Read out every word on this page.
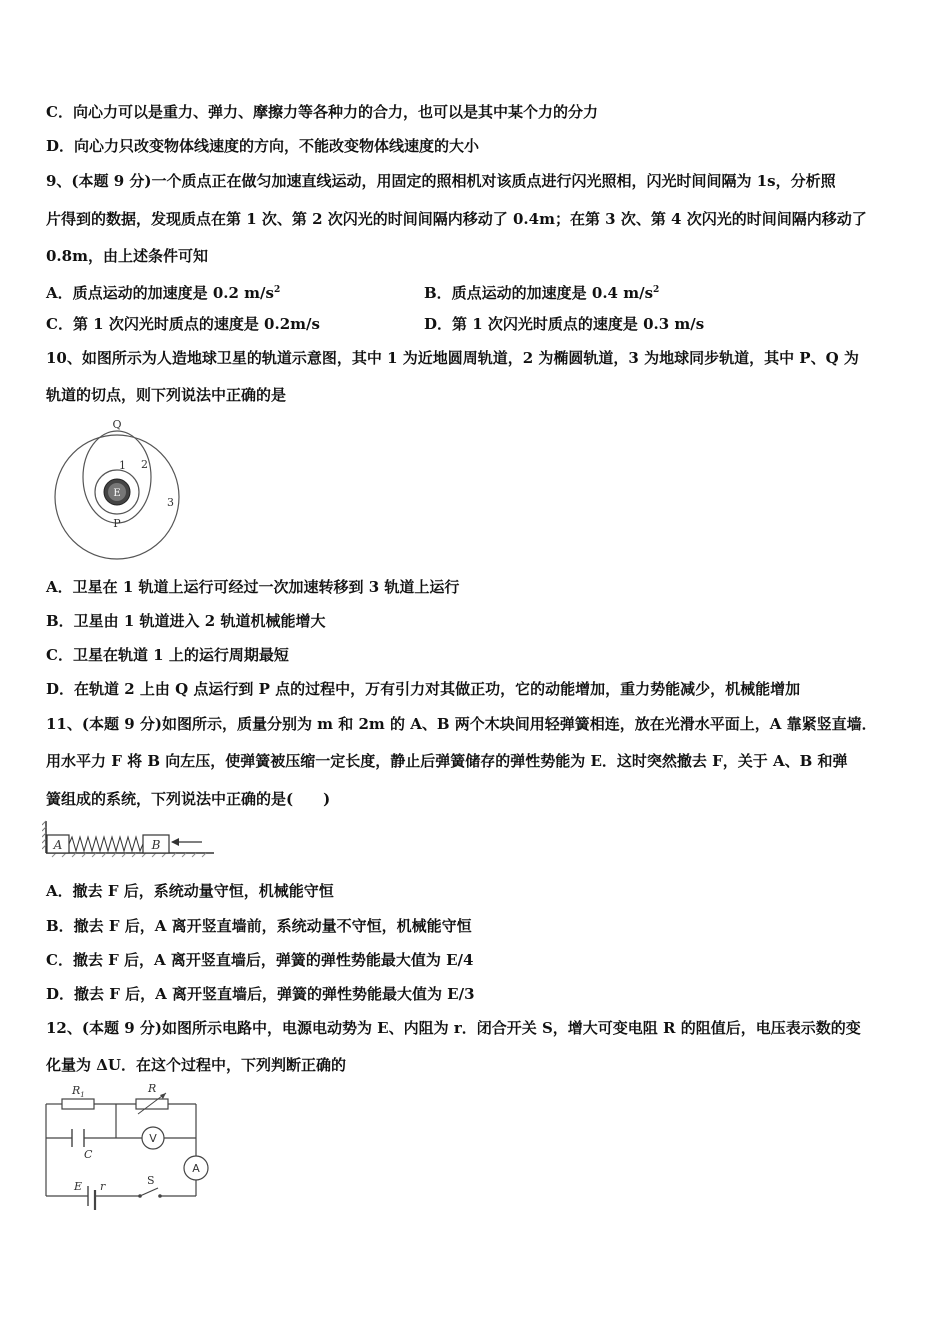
C．向心力可以是重力、弹力、摩擦力等各种力的合力，也可以是其中某个力的分力
D．向心力只改变物体线速度的方向，不能改变物体线速度的大小
9、(本题 9 分)一个质点正在做匀加速直线运动，用固定的照相机对该质点进行闪光照相，闪光时间间隔为 1s，分析照
片得到的数据，发现质点在第 1 次、第 2 次闪光的时间间隔内移动了 0.4m；在第 3 次、第 4 次闪光的时间间隔内移动了
0.8m，由上述条件可知
A．质点运动的加速度是 0.2 $m/s^2$	B．质点运动的加速度是 0.4 $m/s^2$
C．第 1 次闪光时质点的速度是 0.2m/s	D．第 1 次闪光时质点的速度是 0.3 m/s
10、如图所示为人造地球卫星的轨道示意图，其中 1 为近地圆周轨道，2 为椭圆轨道，3 为地球同步轨道，其中 P、Q 为
轨道的切点，则下列说法中正确的是
E
Q
P
1 2
3
A．卫星在 1 轨道上运行可经过一次加速转移到 3 轨道上运行
B．卫星由 1 轨道进入 2 轨道机械能增大
C．卫星在轨道 1 上的运行周期最短
D．在轨道 2 上由 Q 点运行到 P 点的过程中，万有引力对其做正功，它的动能增加，重力势能减少，机械能增加
11、(本题 9 分)如图所示，质量分别为 m 和 2m 的 A、B 两个木块间用轻弹簧相连，放在光滑水平面上，A 靠紧竖直墙．
用水平力 F 将 B 向左压，使弹簧被压缩一定长度，静止后弹簧储存的弹性势能为 E．这时突然撤去 F，关于 A、B 和弹
簧组成的系统，下列说法中正确的是(　　)
A	B
A．撤去 F 后，系统动量守恒，机械能守恒
B．撤去 F 后，A 离开竖直墙前，系统动量不守恒，机械能守恒
C．撤去 F 后，A 离开竖直墙后，弹簧的弹性势能最大值为 E/4
D．撤去 F 后，A 离开竖直墙后，弹簧的弹性势能最大值为 E/3
12、(本题 9 分)如图所示电路中，电源电动势为 E、内阻为 r．闭合开关 S，增大可变电阻 R 的阻值后，电压表示数的变
化量为 ΔU．在这个过程中，下列判断正确的
$R_1$	R
C
V
A
E r	S
